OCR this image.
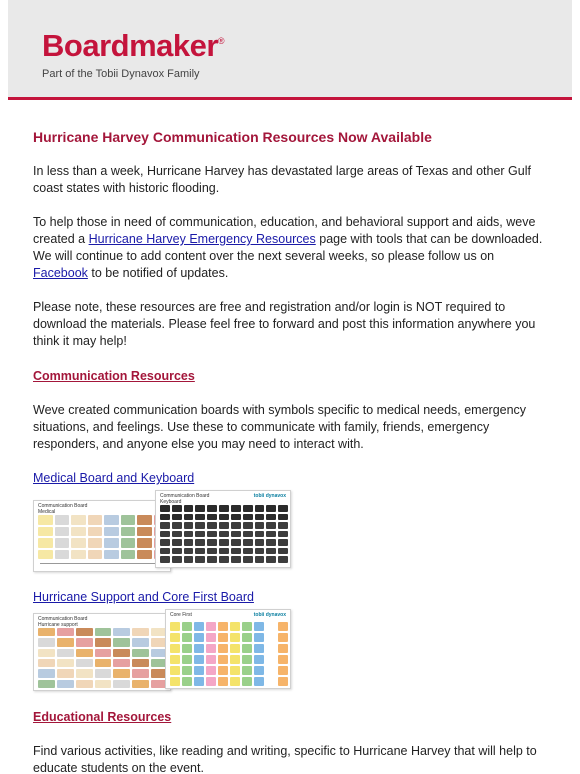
Boardmaker®
Part of the Tobii Dynavox Family
Hurricane Harvey Communication Resources Now Available

In less than a week, Hurricane Harvey has devastated large areas of Texas and other Gulf coast states with historic flooding.

To help those in need of communication, education, and behavioral support and aids, weve created a Hurricane Harvey Emergency Resources page with tools that can be downloaded. We will continue to add content over the next several weeks, so please follow us on Facebook to be notified of updates.

Please note, these resources are free and registration and/or login is NOT required to download the materials. Please feel free to forward and post this information anywhere you think it may help!

Communication Resources

Weve created communication boards with symbols specific to medical needs, emergency situations, and feelings. Use these to communicate with family, friends, emergency responders, and anyone else you may need to interact with.

Medical Board and Keyboard

Communication Board
Medical
Communication Board
Keyboard
tobii dynavox

Hurricane Support and Core First Board

Communication Board
Hurricane support
Core First	tobii dynavox
Educational Resources

Find various activities, like reading and writing, specific to Hurricane Harvey that will help to educate students on the event.
